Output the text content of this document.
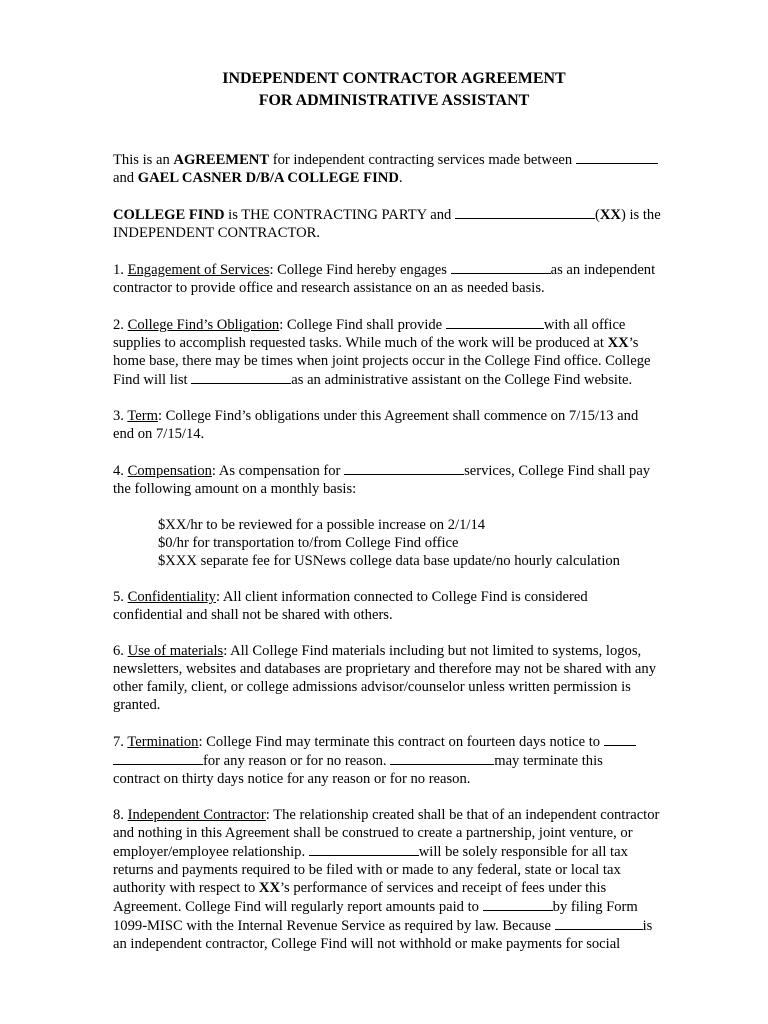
INDEPENDENT CONTRACTOR AGREEMENT
FOR ADMINISTRATIVE ASSISTANT
This is an AGREEMENT for independent contracting services made between
and GAEL CASNER D/B/A COLLEGE FIND.
COLLEGE FIND is THE CONTRACTING PARTY and	(XX) is the
INDEPENDENT CONTRACTOR.
1. Engagement of Services: College Find hereby engages	as an independent
contractor to provide office and research assistance on an as needed basis.
2. College Find’s Obligation: College Find shall provide	with all office
supplies to accomplish requested tasks. While much of the work will be produced at XX’s
home base, there may be times when joint projects occur in the College Find office. College
Find will list	as an administrative assistant on the College Find website.
3. Term: College Find’s obligations under this Agreement shall commence on 7/15/13 and
end on 7/15/14.
4. Compensation: As compensation for	services, College Find shall pay
the following amount on a monthly basis:
$XX/hr to be reviewed for a possible increase on 2/1/14
$0/hr for transportation to/from College Find office
$XXX separate fee for USNews college data base update/no hourly calculation
5. Confidentiality: All client information connected to College Find is considered
confidential and shall not be shared with others.
6. Use of materials: All College Find materials including but not limited to systems, logos,
newsletters, websites and databases are proprietary and therefore may not be shared with any
other family, client, or college admissions advisor/counselor unless written permission is
granted.
7. Termination: College Find may terminate this contract on fourteen days notice to
for any reason or for no reason.	may terminate this
contract on thirty days notice for any reason or for no reason.
8. Independent Contractor: The relationship created shall be that of an independent contractor
and nothing in this Agreement shall be construed to create a partnership, joint venture, or
employer/employee relationship.	will be solely responsible for all tax
returns and payments required to be filed with or made to any federal, state or local tax
authority with respect to XX’s performance of services and receipt of fees under this
Agreement. College Find will regularly report amounts paid to	by filing Form
1099-MISC with the Internal Revenue Service as required by law. Because	is
an independent contractor, College Find will not withhold or make payments for social
